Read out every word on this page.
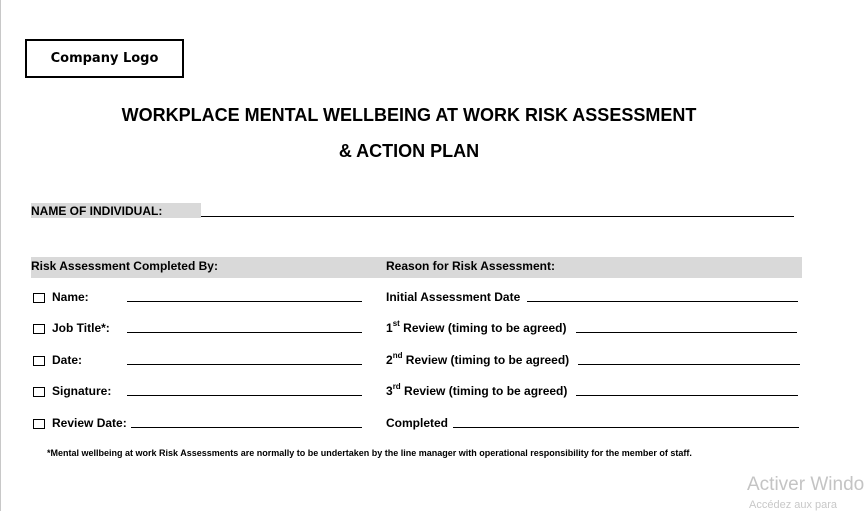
Company Logo
WORKPLACE MENTAL WELLBEING AT WORK RISK ASSESSMENT
& ACTION PLAN
NAME OF INDIVIDUAL:
Risk Assessment Completed By:	Reason for Risk Assessment:
Name:
Job Title*:
Date:
Signature:
Review Date:
Initial Assessment Date
1st Review (timing to be agreed)
2nd Review (timing to be agreed)
3rd Review (timing to be agreed)
Completed
*Mental wellbeing at work Risk Assessments are normally to be undertaken by the line manager with operational responsibility for the member of staff.
Activer Windo
Accédez aux para
